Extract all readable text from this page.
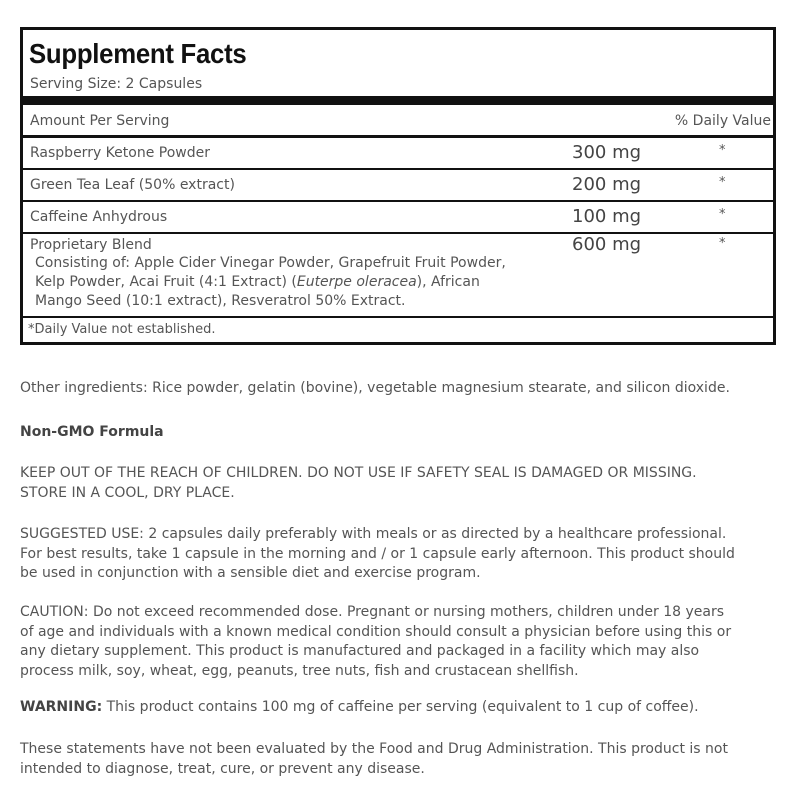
Supplement Facts
Serving Size: 2 Capsules
Amount Per Serving	% Daily Value
Raspberry Ketone Powder	300 mg	*
Green Tea Leaf (50% extract)	200 mg	*
Caffeine Anhydrous	100 mg	*
Proprietary Blend	600 mg	*
Consisting of: Apple Cider Vinegar Powder, Grapefruit Fruit Powder,
Kelp Powder, Acai Fruit (4:1 Extract) (Euterpe oleracea), African
Mango Seed (10:1 extract), Resveratrol 50% Extract.
*Daily Value not established.

Other ingredients: Rice powder, gelatin (bovine), vegetable magnesium stearate, and silicon dioxide.

Non-GMO Formula

KEEP OUT OF THE REACH OF CHILDREN. DO NOT USE IF SAFETY SEAL IS DAMAGED OR MISSING.
STORE IN A COOL, DRY PLACE.

SUGGESTED USE: 2 capsules daily preferably with meals or as directed by a healthcare professional.
For best results, take 1 capsule in the morning and / or 1 capsule early afternoon. This product should
be used in conjunction with a sensible diet and exercise program.

CAUTION: Do not exceed recommended dose. Pregnant or nursing mothers, children under 18 years
of age and individuals with a known medical condition should consult a physician before using this or
any dietary supplement. This product is manufactured and packaged in a facility which may also
process milk, soy, wheat, egg, peanuts, tree nuts, fish and crustacean shellfish.

WARNING: This product contains 100 mg of caffeine per serving (equivalent to 1 cup of coffee).

These statements have not been evaluated by the Food and Drug Administration. This product is not
intended to diagnose, treat, cure, or prevent any disease.
